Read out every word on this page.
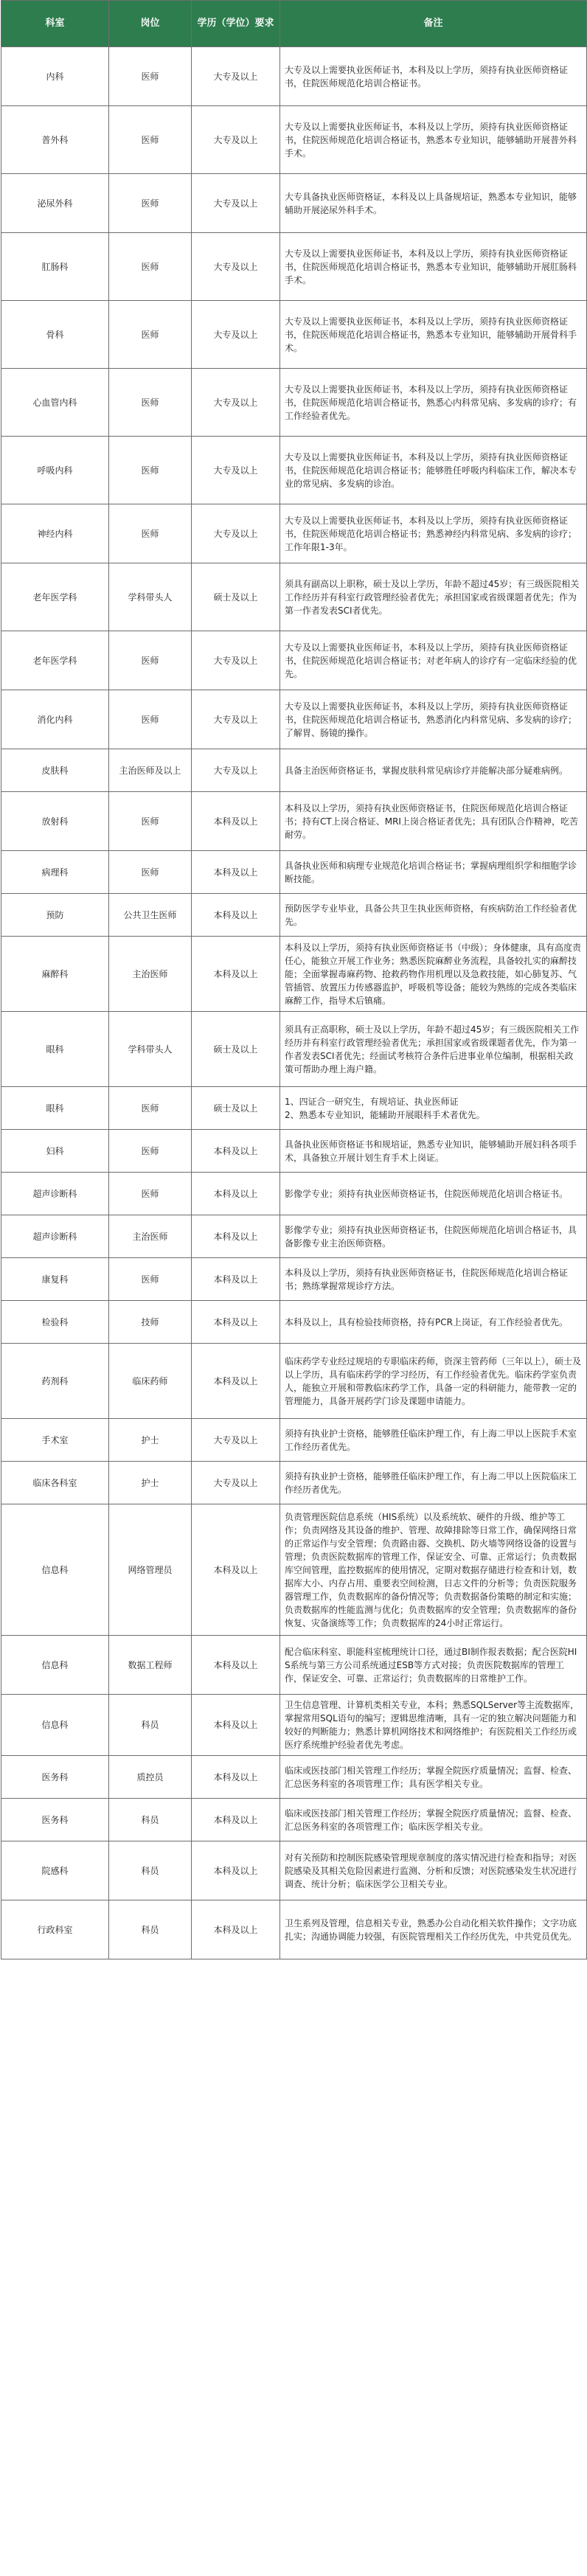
科室	岗位	学历（学位）要求	备注
内科	医师	大专及以上	大专及以上需要执业医师证书，本科及以上学历，须持有执业医师资格证书，住院医师规范化培训合格证书。
普外科	医师	大专及以上	大专及以上需要执业医师证书，本科及以上学历，须持有执业医师资格证书，住院医师规范化培训合格证书，熟悉本专业知识，能够辅助开展普外科手术。
泌尿外科	医师	大专及以上	大专具备执业医师资格证，本科及以上具备规培证，熟悉本专业知识，能够辅助开展泌尿外科手术。
肛肠科	医师	大专及以上	大专及以上需要执业医师证书，本科及以上学历，须持有执业医师资格证书，住院医师规范化培训合格证书，熟悉本专业知识，能够辅助开展肛肠科手术。
骨科	医师	大专及以上	大专及以上需要执业医师证书，本科及以上学历，须持有执业医师资格证书，住院医师规范化培训合格证书，熟悉本专业知识，能够辅助开展骨科手术。
心血管内科	医师	大专及以上	大专及以上需要执业医师证书，本科及以上学历，须持有执业医师资格证书，住院医师规范化培训合格证书，熟悉心内科常见病、多发病的诊疗；有工作经验者优先。
呼吸内科	医师	大专及以上	大专及以上需要执业医师证书，本科及以上学历，须持有执业医师资格证书，住院医师规范化培训合格证书；能够胜任呼吸内科临床工作，解决本专业的常见病、多发病的诊治。
神经内科	医师	大专及以上	大专及以上需要执业医师证书，本科及以上学历，须持有执业医师资格证书，住院医师规范化培训合格证书；熟悉神经内科常见病、多发病的诊疗；工作年限1-3年。
老年医学科	学科带头人	硕士及以上	须具有副高以上职称，硕士及以上学历，年龄不超过45岁；有三级医院相关工作经历并有科室行政管理经验者优先；承担国家或省级课题者优先；作为第一作者发表SCI者优先。
老年医学科	医师	大专及以上	大专及以上需要执业医师证书，本科及以上学历，须持有执业医师资格证书，住院医师规范化培训合格证书；对老年病人的诊疗有一定临床经验的优先。
消化内科	医师	大专及以上	大专及以上需要执业医师证书，本科及以上学历，须持有执业医师资格证书，住院医师规范化培训合格证书，熟悉消化内科常见病、多发病的诊疗；了解胃、肠镜的操作。
皮肤科	主治医师及以上	大专及以上	具备主治医师资格证书，掌握皮肤科常见病诊疗并能解决部分疑难病例。
放射科	医师	本科及以上	本科及以上学历，须持有执业医师资格证书，住院医师规范化培训合格证书；持有CT上岗合格证、MRI上岗合格证者优先；具有团队合作精神，吃苦耐劳。
病理科	医师	本科及以上	具备执业医师和病理专业规范化培训合格证书；掌握病理组织学和细胞学诊断技能。
预防	公共卫生医师	本科及以上	预防医学专业毕业，具备公共卫生执业医师资格，有疾病防治工作经验者优先。
麻醉科	主治医师	本科及以上	本科及以上学历，须持有执业医师资格证书（中级）；身体健康，具有高度责任心，能独立开展工作业务；熟悉医院麻醉业务流程，具备较扎实的麻醉技能；全面掌握毒麻药物、抢救药物作用机理以及急救技能，如心肺复苏、气管插管、放置压力传感器监护，呼吸机等设备；能较为熟练的完成各类临床麻醉工作，指导术后镇痛。
眼科	学科带头人	硕士及以上	须具有正高职称，硕士及以上学历，年龄不超过45岁；有三级医院相关工作经历并有科室行政管理经验者优先；承担国家或省级课题者优先，作为第一作者发表SCI者优先；经面试考核符合条件后进事业单位编制，根据相关政策可帮助办理上海户籍。
眼科	医师	硕士及以上	1、四证合一研究生，有规培证、执业医师证
2、熟悉本专业知识，能辅助开展眼科手术者优先。
妇科	医师	本科及以上	具备执业医师资格证书和规培证，熟悉专业知识，能够辅助开展妇科各项手术，具备独立开展计划生育手术上岗证。
超声诊断科	医师	本科及以上	影像学专业；须持有执业医师资格证书，住院医师规范化培训合格证书。
超声诊断科	主治医师	本科及以上	影像学专业；须持有执业医师资格证书，住院医师规范化培训合格证书，具备影像专业主治医师资格。
康复科	医师	本科及以上	本科及以上学历，须持有执业医师资格证书，住院医师规范化培训合格证书；熟练掌握常规诊疗方法。
检验科	技师	本科及以上	本科及以上，具有检验技师资格，持有PCR上岗证，有工作经验者优先。
药剂科	临床药师	本科及以上	临床药学专业经过规培的专职临床药师，资深主管药师（三年以上），硕士及以上学历，具有临床药学的学习经历，有工作经验者优先。临床药学室负责人，能独立开展和带教临床药学工作，具备一定的科研能力，能带教一定的管理能力，具备开展药学门诊及课题申请能力。
手术室	护士	大专及以上	须持有执业护士资格，能够胜任临床护理工作，有上海二甲以上医院手术室工作经历者优先。
临床各科室	护士	大专及以上	须持有执业护士资格，能够胜任临床护理工作，有上海二甲以上医院临床工作经历者优先。
信息科	网络管理员	本科及以上	负责管理医院信息系统（HIS系统）以及系统软、硬件的升级、维护等工作；负责网络及其设备的维护、管理、故障排除等日常工作，确保网络日常的正常运作与安全管理；负责路由器、交换机、防火墙等网络设备的设置与管理；负责医院数据库的管理工作，保证安全、可靠、正常运行；负责数据库空间管理，监控数据库的使用情况，定期对数据存储进行检查和计划，数据库大小、内存占用、重要表空间检测，日志文件的分析等；负责医院服务器管理工作，负责数据库的备份情况等；负责数据备份策略的制定和实施；负责数据库的性能监测与优化；负责数据库的安全管理；负责数据库的备份恢复、灾备演练等工作；负责数据库的24小时正常运行。
信息科	数据工程师	本科及以上	配合临床科室、职能科室梳理统计口径，通过BI制作报表数据；配合医院HIS系统与第三方公司系统通过ESB等方式对接；负责医院数据库的管理工作，保证安全、可靠、正常运行；负责数据库的日常维护工作。
信息科	科员	本科及以上	卫生信息管理、计算机类相关专业，本科；熟悉SQLServer等主流数据库，掌握常用SQL语句的编写；逻辑思维清晰，具有一定的独立解决问题能力和较好的判断能力；熟悉计算机网络技术和网络维护；有医院相关工作经历或医疗系统维护经验者优先考虑。
医务科	质控员	本科及以上	临床或医技部门相关管理工作经历；掌握全院医疗质量情况；监督、检查、汇总医务科室的各项管理工作；具有医学相关专业。
医务科	科员	本科及以上	临床或医技部门相关管理工作经历；掌握全院医疗质量情况；监督、检查、汇总医务科室的各项管理工作；临床医学相关专业。
院感科	科员	本科及以上	对有关预防和控制医院感染管理规章制度的落实情况进行检查和指导；对医院感染及其相关危险因素进行监测、分析和反馈；对医院感染发生状况进行调查、统计分析；临床医学公卫相关专业。
行政科室	科员	本科及以上	卫生系列及管理，信息相关专业，熟悉办公自动化相关软件操作；文字功底扎实；沟通协调能力较强，有医院管理相关工作经历优先，中共党员优先。
